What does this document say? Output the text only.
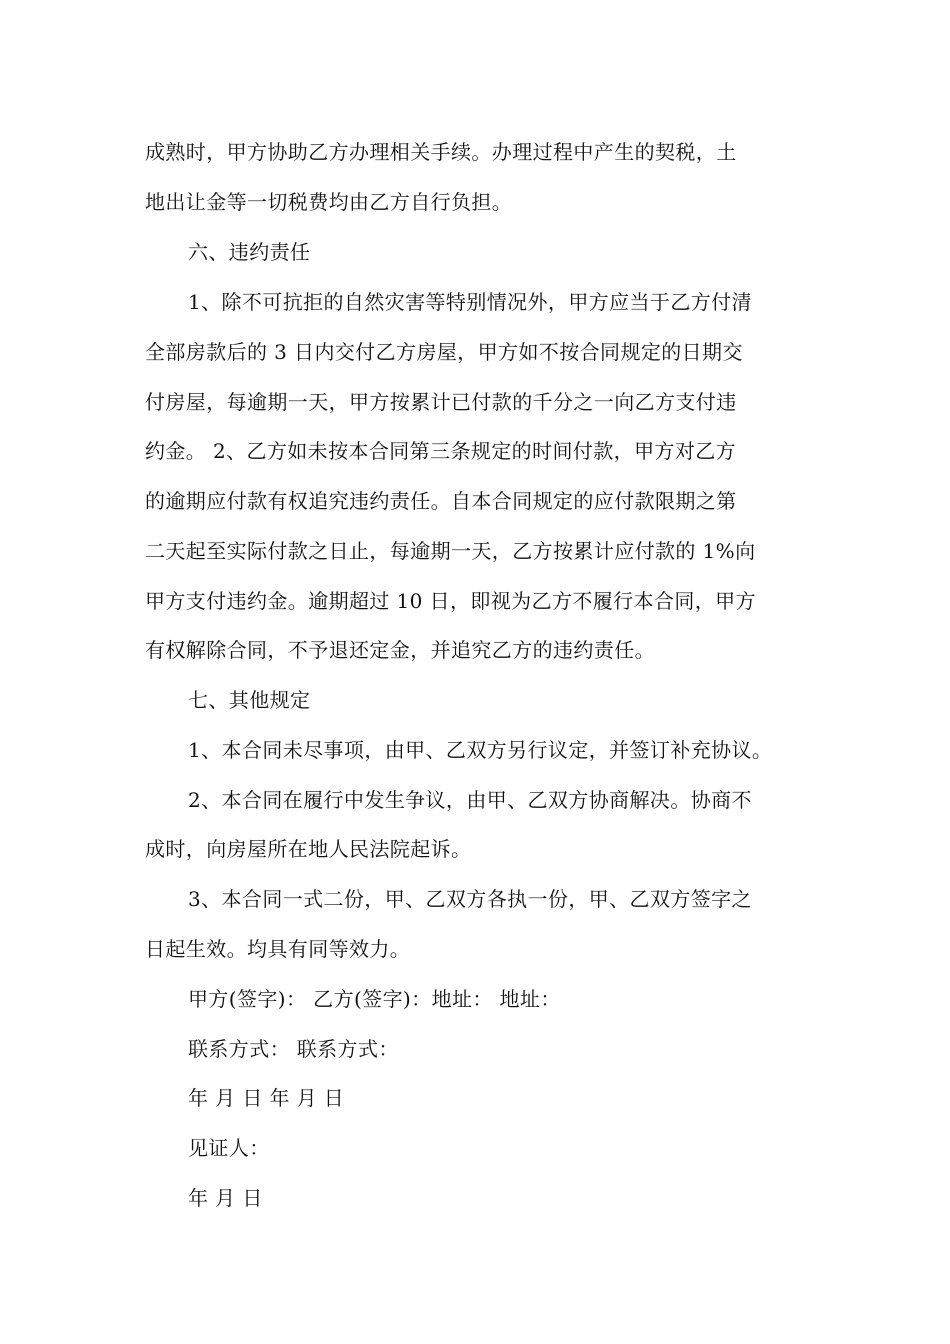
成熟时，甲方协助乙方办理相关手续。办理过程中产生的契税，土
地出让金等一切税费均由乙方自行负担。
六、违约责任
1、除不可抗拒的自然灾害等特别情况外，甲方应当于乙方付清
全部房款后的 3 日内交付乙方房屋，甲方如不按合同规定的日期交
付房屋，每逾期一天，甲方按累计已付款的千分之一向乙方支付违
约金。 2、乙方如未按本合同第三条规定的时间付款，甲方对乙方
的逾期应付款有权追究违约责任。自本合同规定的应付款限期之第
二天起至实际付款之日止，每逾期一天，乙方按累计应付款的 1%向
甲方支付违约金。逾期超过 10 日，即视为乙方不履行本合同，甲方
有权解除合同，不予退还定金，并追究乙方的违约责任。
七、其他规定
1、本合同未尽事项，由甲、乙双方另行议定，并签订补充协议。
2、本合同在履行中发生争议，由甲、乙双方协商解决。协商不
成时，向房屋所在地人民法院起诉。
3、本合同一式二份，甲、乙双方各执一份，甲、乙双方签字之
日起生效。均具有同等效力。
甲方(签字)： 乙方(签字)：地址： 地址：
联系方式： 联系方式：
年 月 日 年 月 日
见证人：
年 月 日
